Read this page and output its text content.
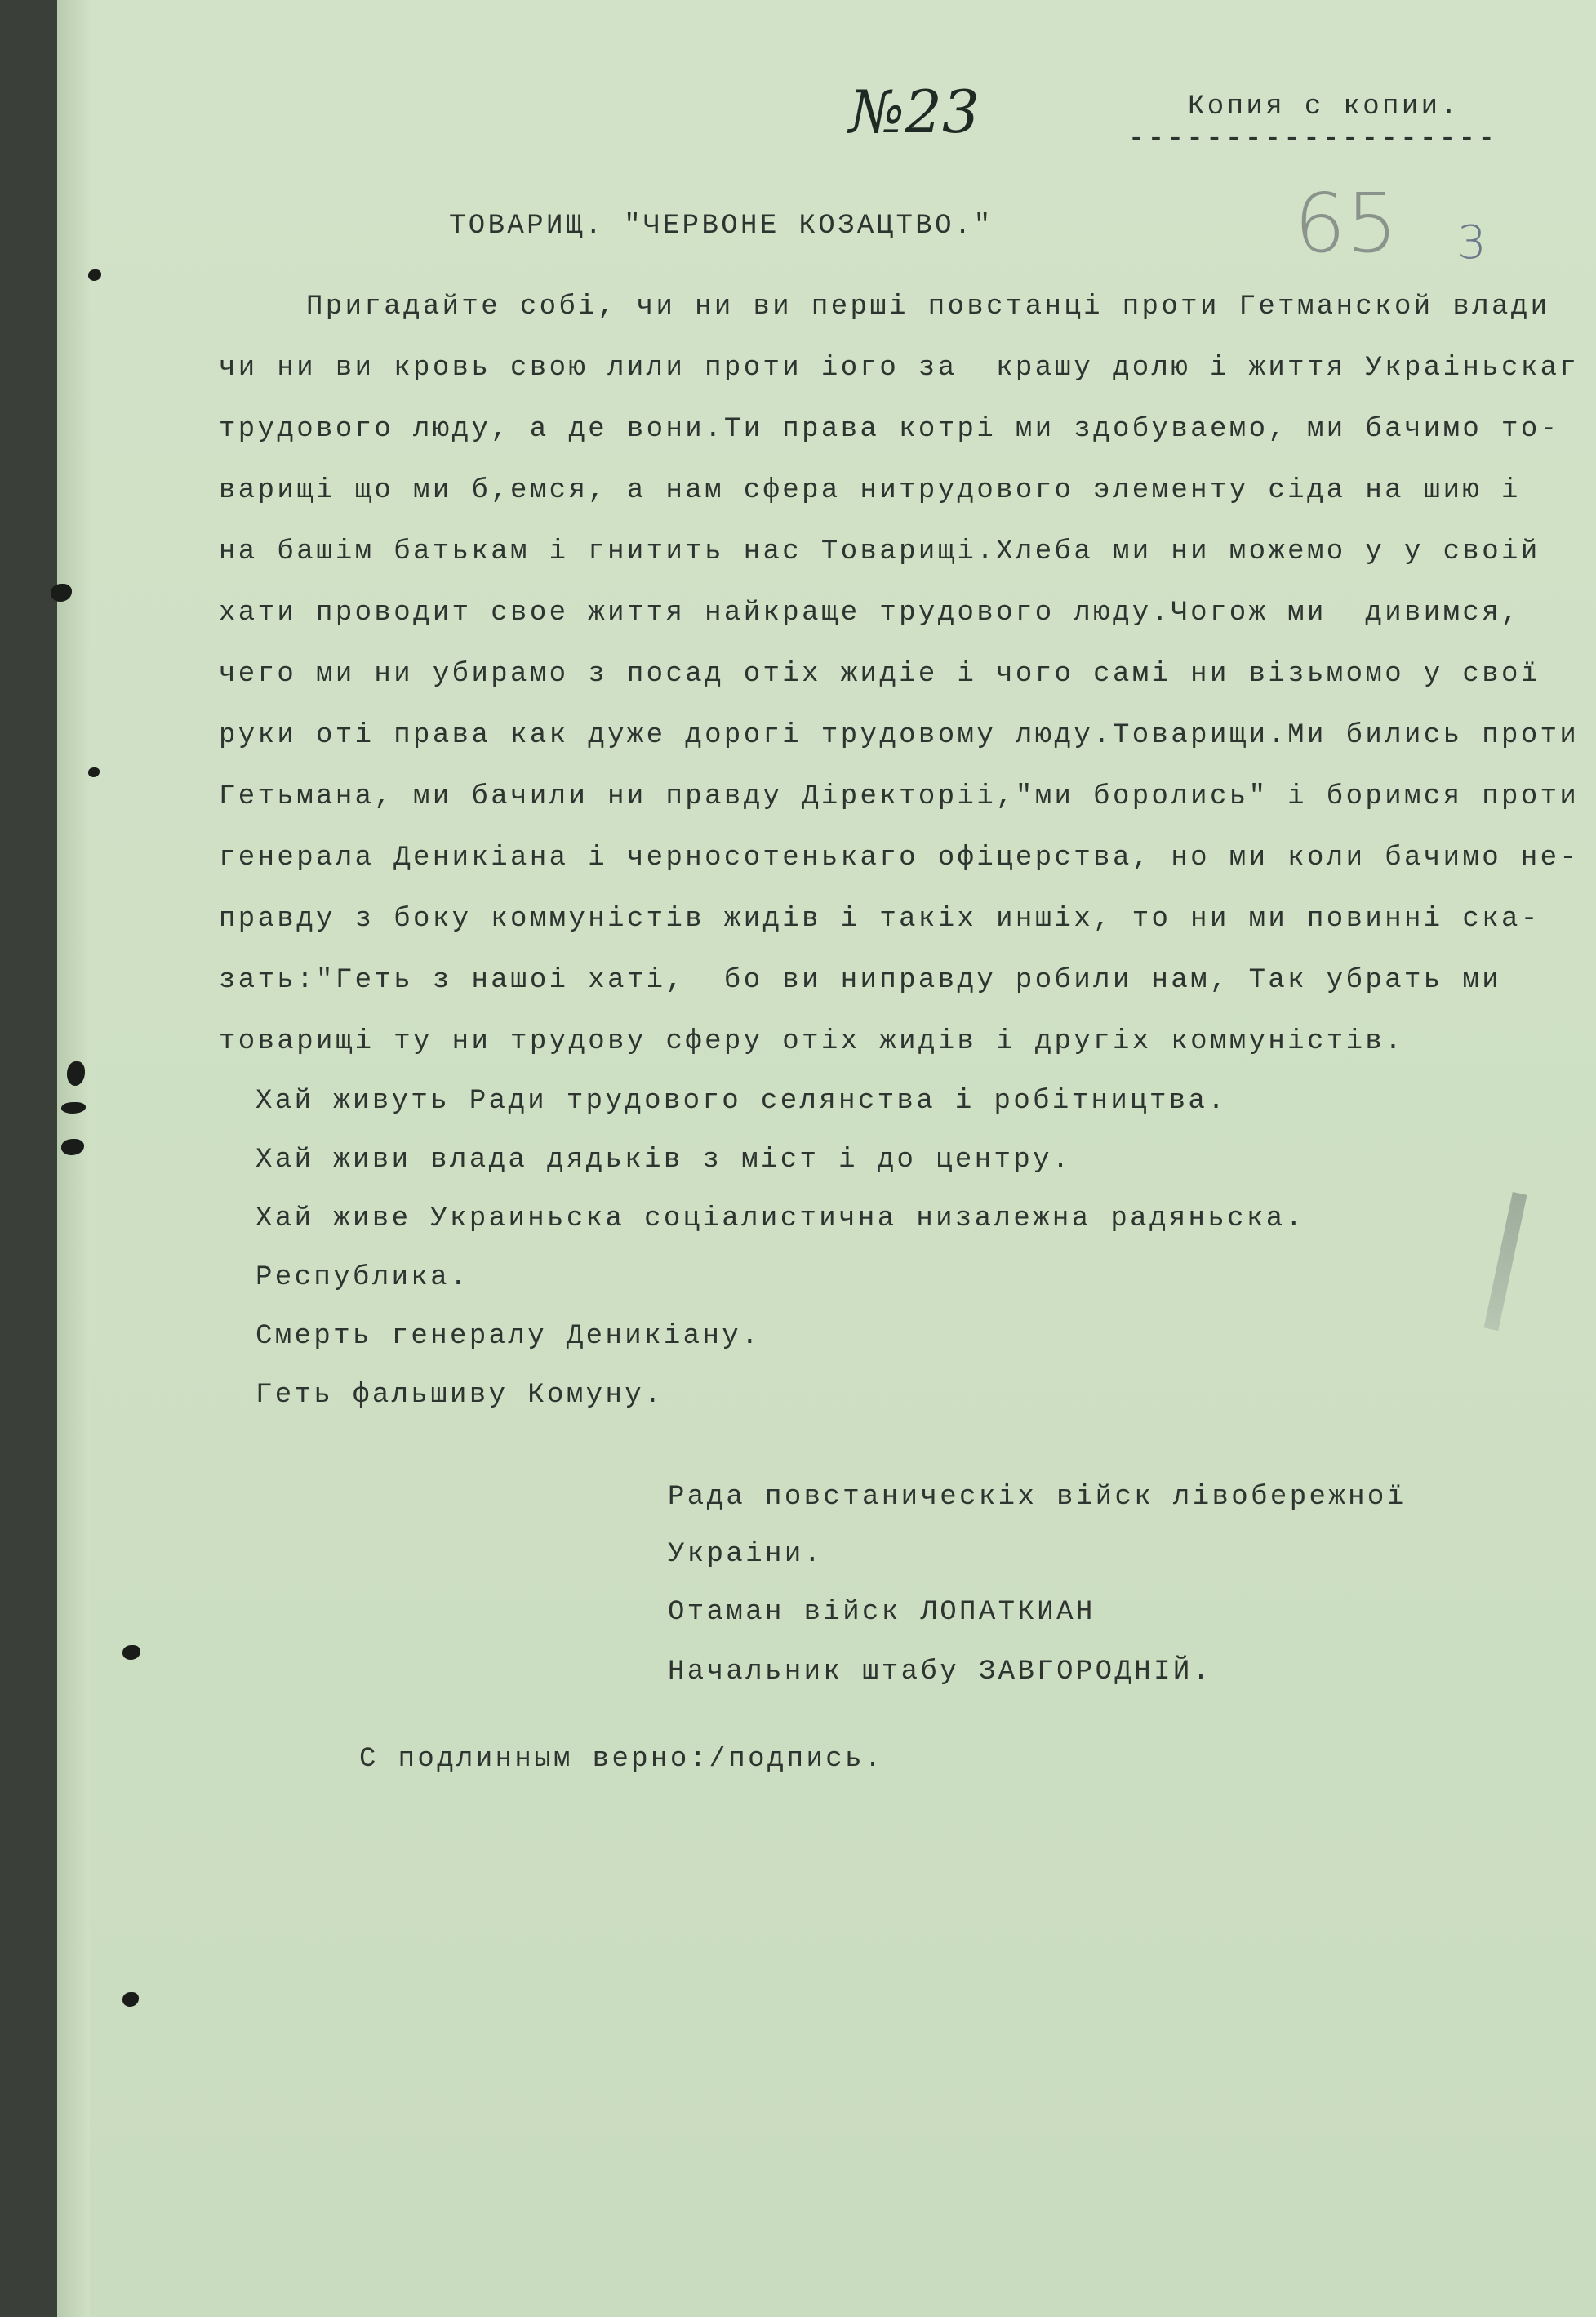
№23	Копия с копии.
-------------------
65 3
ТОВАРИЩ. "ЧЕРВОНЕ КОЗАЦТВО."
Пригадайте собі, чи ни ви перші повстанці проти Гетманской влади
чи ни ви кровь свою лили проти іого за  крашу долю і життя Украіньскаг
трудового люду, а де вони.Ти права котрі ми здобуваемо, ми бачимо то-
варищі що ми б,емся, а нам сфера нитрудового элементу сіда на шию і
на башім батькам і гнитить нас Товарищі.Хлеба ми ни можемо у у своій
хати проводит свое життя найкраще трудового люду.Чогож ми  дивимся,
чего ми ни убирамо з посад отіх жидіе і чого самі ни візьмомо у свої
руки оті права как дуже дорогі трудовому люду.Товарищи.Ми бились проти
Гетьмана, ми бачили ни правду Діректоріі,"ми боролись" і боримся проти
генерала Деникіана і черносотенькаго офіцерства, но ми коли бачимо не-
правду з боку коммуністів жидів і такіх иншіх, то ни ми повинні ска-
зать:"Геть з нашоі хаті,  бо ви ниправду робили нам, Так убрать ми
товарищі ту ни трудову сферу отіх жидів і другіх коммуністів.
Хай живуть Ради трудового селянства і робітництва.
Хай живи влада дядьків з міст і до центру.
Хай живе Украиньска соціалистична низалежна радяньска.
Республика.
Смерть генералу Деникіану.
Геть фальшиву Комуну.
Рада повстаническіх війск лівобережної
Украіни.
Отаман війск ЛОПАТКИАН
Начальник штабу ЗАВГОРОДНІЙ.
С подлинным верно:/подпись.
